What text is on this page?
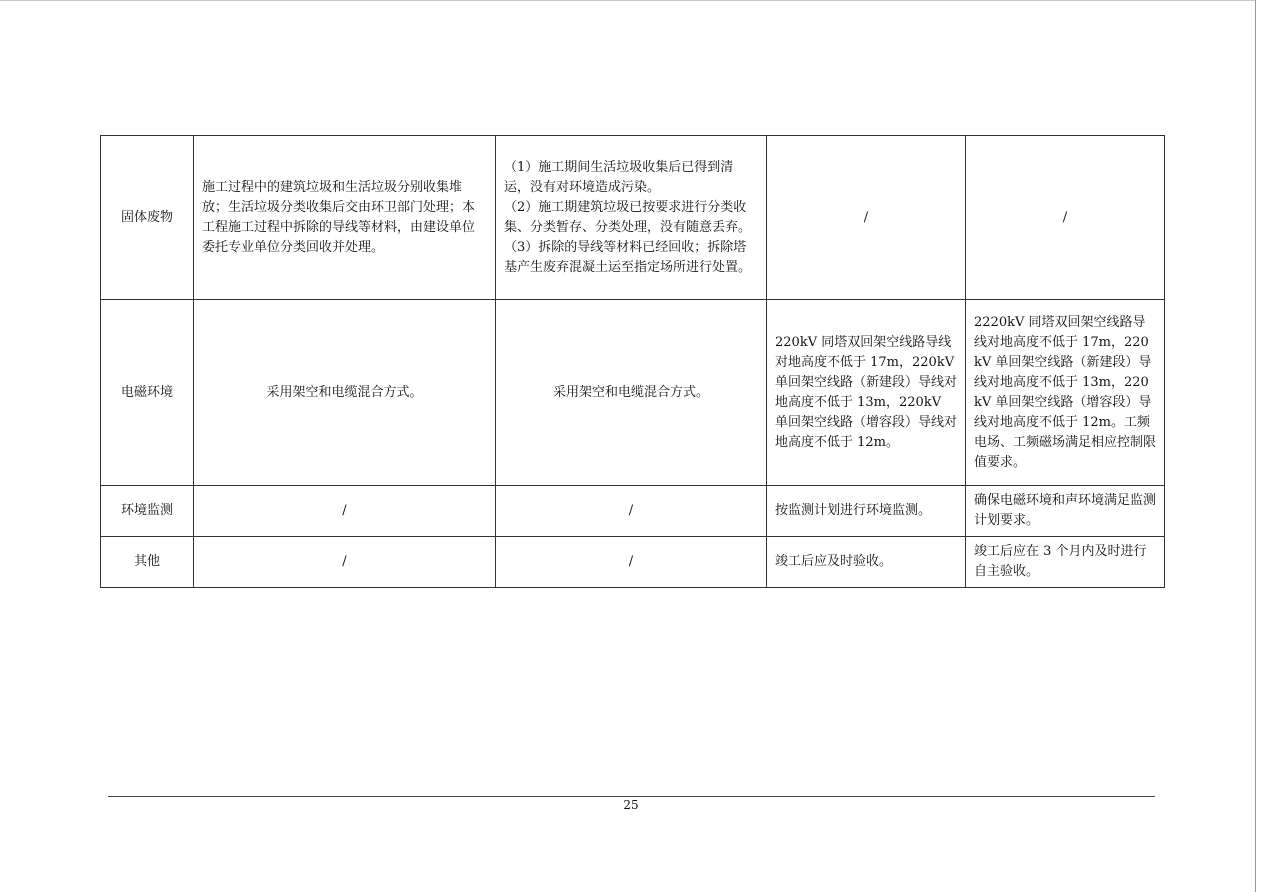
固体废物	施工过程中的建筑垃圾和生活垃圾分别收集堆放；生活垃圾分类收集后交由环卫部门处理；本工程施工过程中拆除的导线等材料，由建设单位委托专业单位分类回收并处理。	（1）施工期间生活垃圾收集后已得到清运，没有对环境造成污染。
（2）施工期建筑垃圾已按要求进行分类收集、分类暂存、分类处理，没有随意丢弃。
（3）拆除的导线等材料已经回收；拆除塔基产生废弃混凝土运至指定场所进行处置。	/	/
电磁环境	采用架空和电缆混合方式。	采用架空和电缆混合方式。	220kV 同塔双回架空线路导线对地高度不低于 17m，220kV 单回架空线路（新建段）导线对地高度不低于 13m，220kV 单回架空线路（增容段）导线对地高度不低于 12m。	2220kV 同塔双回架空线路导线对地高度不低于 17m，220kV 单回架空线路（新建段）导线对地高度不低于 13m，220kV 单回架空线路（增容段）导线对地高度不低于 12m。工频电场、工频磁场满足相应控制限值要求。
环境监测	/	/	按监测计划进行环境监测。	确保电磁环境和声环境满足监测计划要求。
其他	/	/	竣工后应及时验收。	竣工后应在 3 个月内及时进行自主验收。
25
